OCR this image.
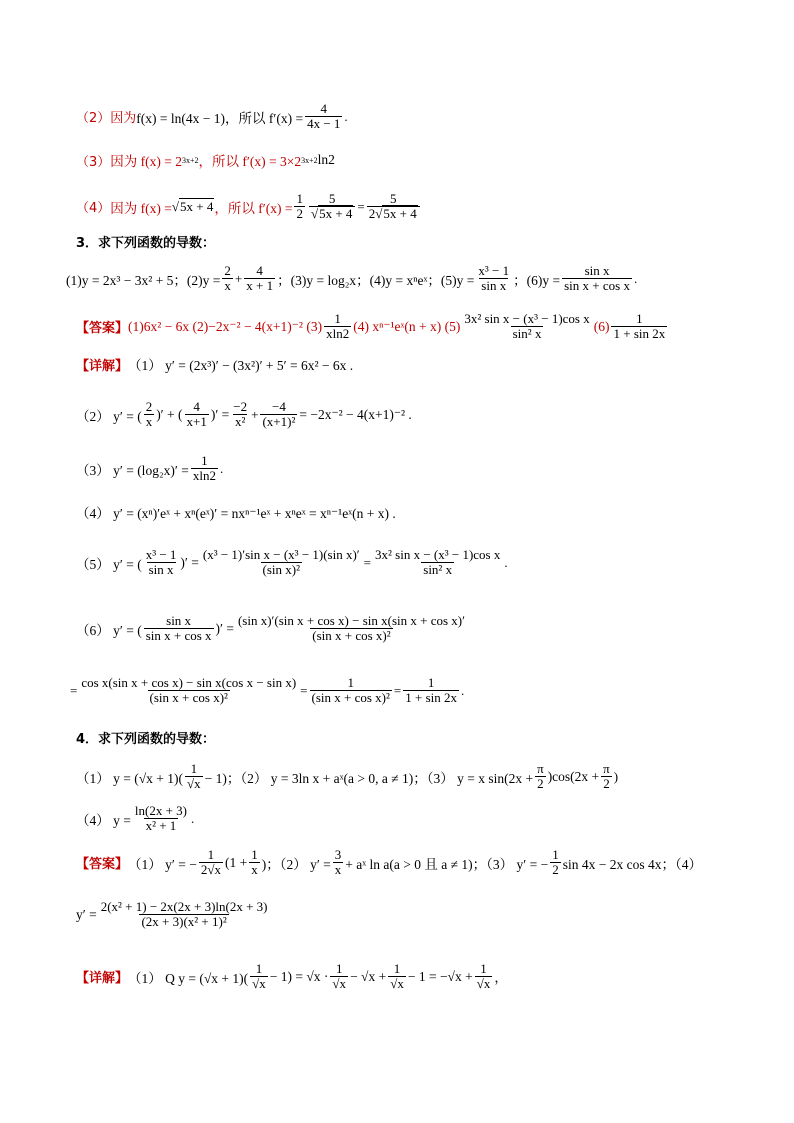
（2） 因为 f(x) = ln(4x − 1)，所以 $f'(x) = \frac{4}{4x - 1}$ .
（3） 因为 f(x) = 2 3x+2 ，所以 f′(x) = 3×2 3x+2 ln2
（4） 因为 f(x) = √5x + 4 ，所以 $f'(x) = \frac{1}{2} \frac{5}{√5x + 4} = \frac{5}{2√5x + 4}$
3．求下列函数的导数：
(1)y = 2x³ − 3x² + 5；$(2)y = \frac{2}{x} + \frac{4}{x + 1}$ ；(3)y = log₂x；(4)y = xⁿeˣ；$(5)y = \frac{\text{x³ − 1}}{\text{sin x}}$ ；$(6)y = \frac{\text{sin x}}{\text{sin x + cos x}}$ .
【答案】 (1)6x² − 6x (2)−2x⁻² − 4(x+1)⁻² $(3) \frac{1}{xln2} (4)$ xⁿ⁻¹eˣ(n + x) $(5) \frac{\text{3x² sin x − (x³ − 1)cos x}}{\text{sin² x}} (6) \frac{1}{1 + \sin 2x}$
【详解】 （1） y′ = (2x³)′ − (3x²)′ + 5′ = 6x² − 6x .
（2） y′ = ( $\frac{2}{x}$ )′ + ( $\frac{4}{x+1}$ )′ = $\frac{-2}{\text{x²}} + \frac{-4}{\text{(x+1)²}} = -2x^{-2} - 4(x+1)^{-2}$ .
（3） $y' = (\log_2x)' = \frac{1}{xln2}$ .
（4） y′ = (xⁿ)′eˣ + xⁿ(eˣ)′ = nxⁿ⁻¹eˣ + xⁿeˣ = xⁿ⁻¹eˣ(n + x) .
（5） y′ = ( $\frac{\text{x³ − 1}}{\text{sin x}}$ )′ = $\frac{\text{(x³ − 1)′sin x − (x³ − 1)(sin x)′}}{\text{(sin x)²}} = \frac{\text{3x² sin x − (x³ − 1)cos x}}{\text{sin² x}}$ .
（6） y′ = ( $\frac{\text{sin x}}{\text{sin x + cos x}}$ )′ = $\frac{\text{(sin x)′(sin x + cos x) − sin x(sin x + cos x)′}}{\text{(sin x + cos x)²}}$
= $\frac{\text{cos x(sin x + cos x) − sin x(cos x − sin x)}}{\text{(sin x + cos x)²}} = \frac{1}{\text{(sin x + cos x)²}} = \frac{1}{1 + \sin 2x}$ .
4．求下列函数的导数：
（1） $y = (√x + 1)( \frac{1}{√x} - 1)$；（2） y = 3ln x + aˣ(a > 0, a ≠ 1)；（3） y = x $\sin(2x + \frac{\pi}{2} )\cos(2x + \frac{\pi}{2}$ )
（4） $y = \frac{\ln(2x + 3)}{\text{x² + 1}}$ .
【答案】 （1） y′ = − $\frac{1}{2√x} (1 + \frac{1}{x}$ )；（2） $y' = \frac{3}{x}$ + aˣ ln a(a > 0 且 a ≠ 1)；（3） y′ = − $\frac{1}{2}$ sin 4x − 2x cos 4x；（4）
$y' = \frac{\text{2(x² + 1) − 2x(2x + 3)ln(2x + 3)}}{\text{(2x + 3)(x² + 1)²}}$
【详解】 （1） Q $y = (√x + 1)( \frac{1}{√x} - 1) = √x \cdot \frac{1}{√x} - √x + \frac{1}{√x} - 1 = -√x + \frac{1}{√x}$ ，
